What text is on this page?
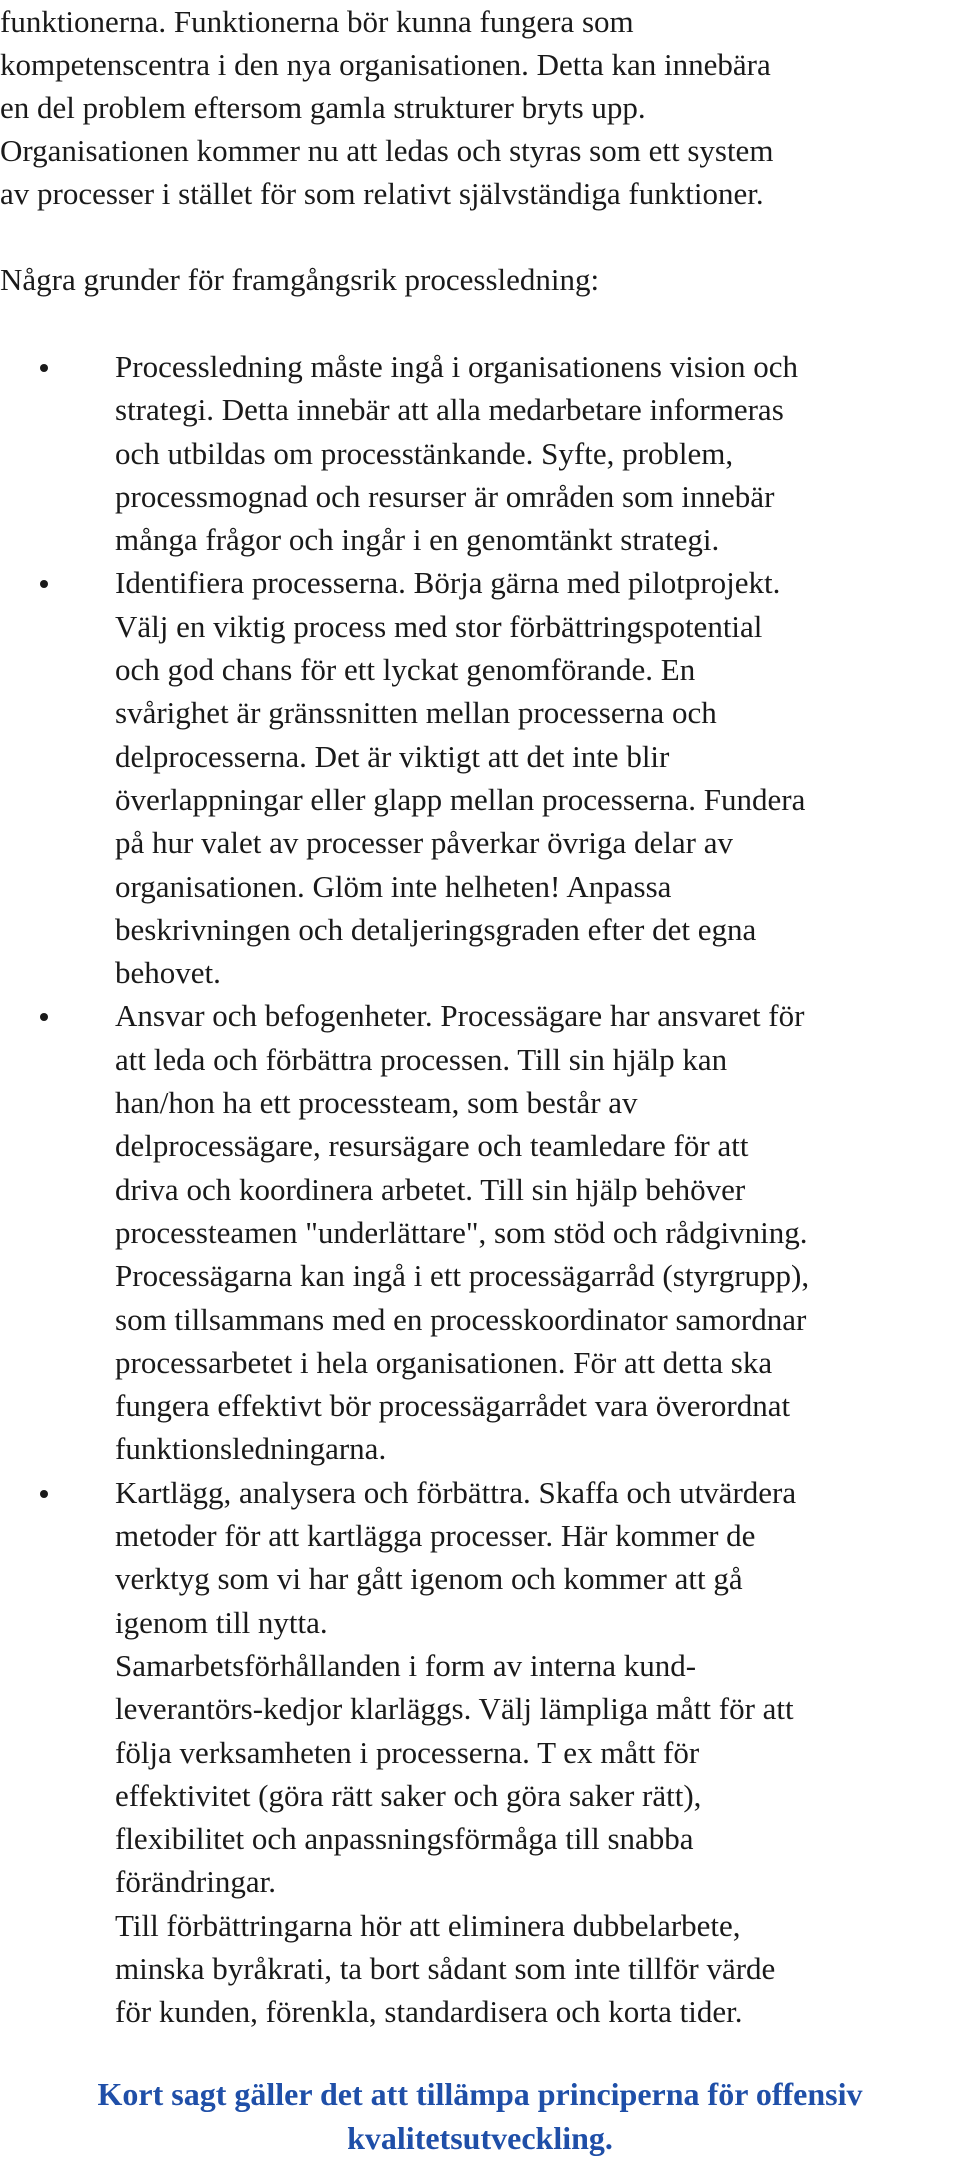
funktionerna. Funktionerna bör kunna fungera som
kompetenscentra i den nya organisationen. Detta kan innebära
en del problem eftersom gamla strukturer bryts upp.
Organisationen kommer nu att ledas och styras som ett system
av processer i stället för som relativt självständiga funktioner.

Några grunder för framgångsrik processledning:

Processledning måste ingå i organisationens vision och
strategi. Detta innebär att alla medarbetare informeras
och utbildas om processtänkande. Syfte, problem,
processmognad och resurser är områden som innebär
många frågor och ingår i en genomtänkt strategi.
Identifiera processerna. Börja gärna med pilotprojekt.
Välj en viktig process med stor förbättringspotential
och god chans för ett lyckat genomförande. En
svårighet är gränssnitten mellan processerna och
delprocesserna. Det är viktigt att det inte blir
överlappningar eller glapp mellan processerna. Fundera
på hur valet av processer påverkar övriga delar av
organisationen. Glöm inte helheten! Anpassa
beskrivningen och detaljeringsgraden efter det egna
behovet.
Ansvar och befogenheter. Processägare har ansvaret för
att leda och förbättra processen. Till sin hjälp kan
han/hon ha ett processteam, som består av
delprocessägare, resursägare och teamledare för att
driva och koordinera arbetet. Till sin hjälp behöver
processteamen "underlättare", som stöd och rådgivning.
Processägarna kan ingå i ett processägarråd (styrgrupp),
som tillsammans med en processkoordinator samordnar
processarbetet i hela organisationen. För att detta ska
fungera effektivt bör processägarrådet vara överordnat
funktionsledningarna.
Kartlägg, analysera och förbättra. Skaffa och utvärdera
metoder för att kartlägga processer. Här kommer de
verktyg som vi har gått igenom och kommer att gå
igenom till nytta.
Samarbetsförhållanden i form av interna kund-
leverantörs-kedjor klarläggs. Välj lämpliga mått för att
följa verksamheten i processerna. T ex mått för
effektivitet (göra rätt saker och göra saker rätt),
flexibilitet och anpassningsförmåga till snabba
förändringar.
Till förbättringarna hör att eliminera dubbelarbete,
minska byråkrati, ta bort sådant som inte tillför värde
för kunden, förenkla, standardisera och korta tider.

Kort sagt gäller det att tillämpa principerna för offensiv
kvalitetsutveckling.
